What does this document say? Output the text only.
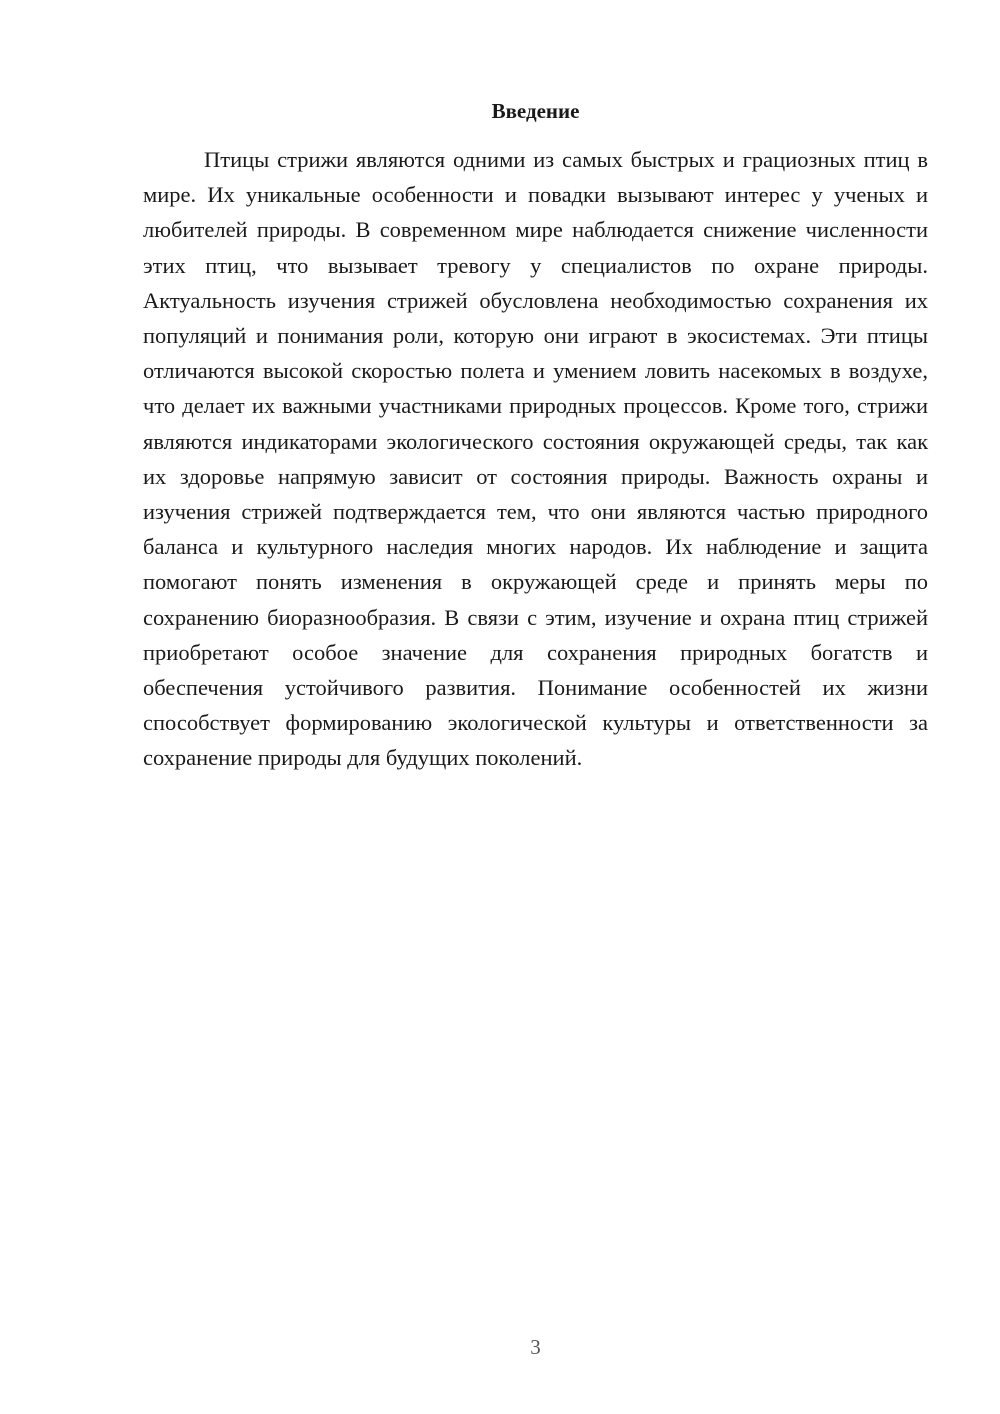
Введение

Птицы стрижи являются одними из самых быстрых и грациозных птиц в мире. Их уникальные особенности и повадки вызывают интерес у ученых и любителей природы. В современном мире наблюдается снижение численности этих птиц, что вызывает тревогу у специалистов по охране природы. Актуальность изучения стрижей обусловлена необходимостью сохранения их популяций и понимания роли, которую они играют в экосистемах. Эти птицы отличаются высокой скоростью полета и умением ловить насекомых в воздухе, что делает их важными участниками природных процессов. Кроме того, стрижи являются индикаторами экологического состояния окружающей среды, так как их здоровье напрямую зависит от состояния природы. Важность охраны и изучения стрижей подтверждается тем, что они являются частью природного баланса и культурного наследия многих народов. Их наблюдение и защита помогают понять изменения в окружающей среде и принять меры по сохранению биоразнообразия. В связи с этим, изучение и охрана птиц стрижей приобретают особое значение для сохранения природных богатств и обеспечения устойчивого развития. Понимание особенностей их жизни способствует формированию экологической культуры и ответственности за сохранение природы для будущих поколений.

3
